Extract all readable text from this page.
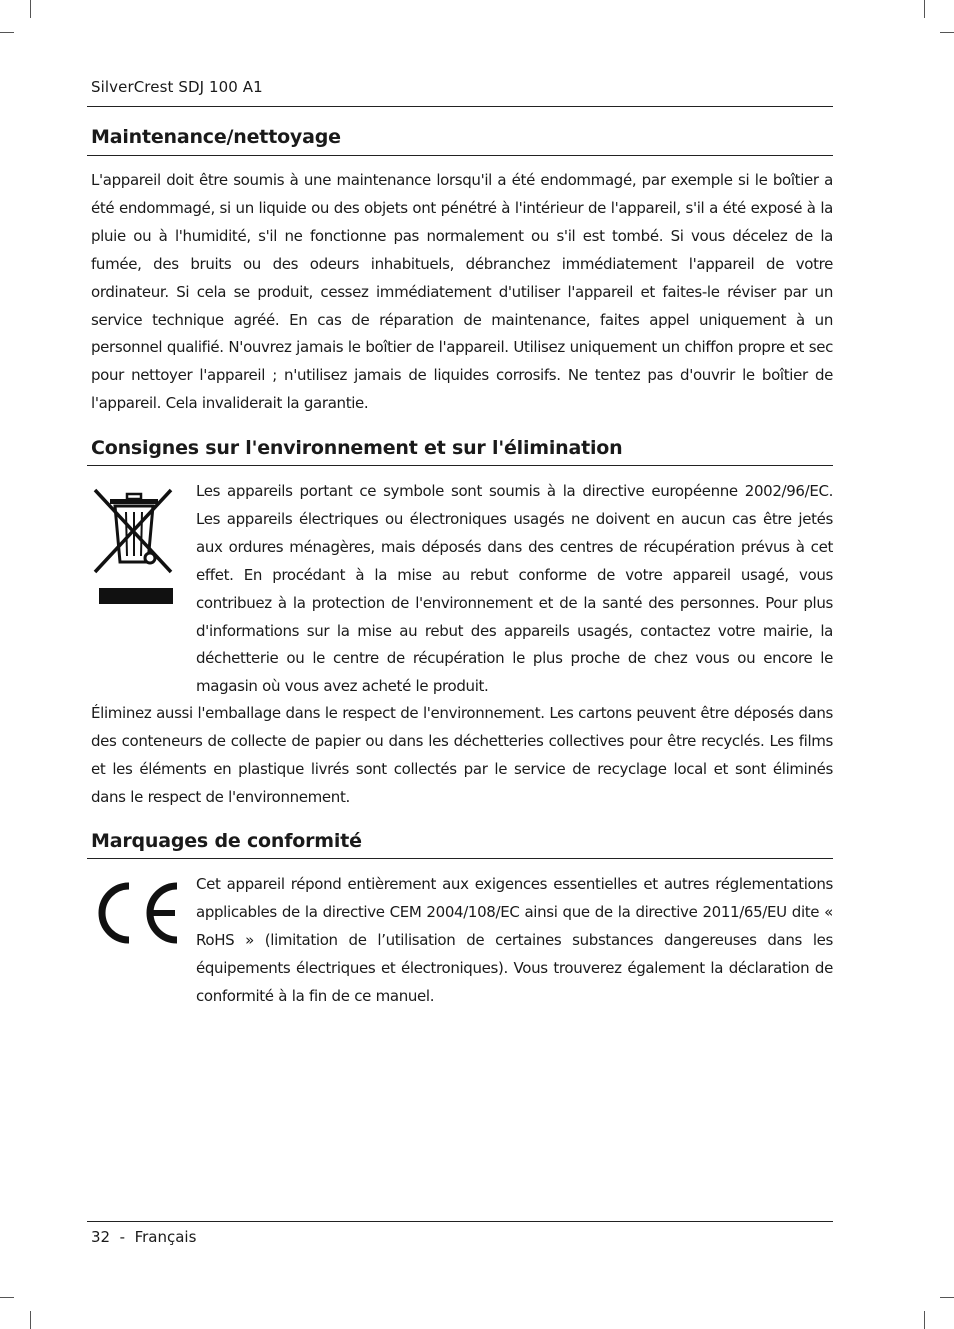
SilverCrest SDJ 100 A1
Maintenance/nettoyage
L'appareil doit être soumis à une maintenance lorsqu'il a été endommagé, par exemple si le boîtier a été endommagé, si un liquide ou des objets ont pénétré à l'intérieur de l'appareil, s'il a été exposé à la pluie ou à l'humidité, s'il ne fonctionne pas normalement ou s'il est tombé. Si vous décelez de la fumée, des bruits ou des odeurs inhabituels, débranchez immédiatement l'appareil de votre ordinateur. Si cela se produit, cessez immédiatement d'utiliser l'appareil et faites-le réviser par un service technique agréé. En cas de réparation de maintenance, faites appel uniquement à un personnel qualifié. N'ouvrez jamais le boîtier de l'appareil. Utilisez uniquement un chiffon propre et sec pour nettoyer l'appareil ; n'utilisez jamais de liquides corrosifs. Ne tentez pas d'ouvrir le boîtier de l'appareil. Cela invaliderait la garantie.
Consignes sur l'environnement et sur l'élimination
Les appareils portant ce symbole sont soumis à la directive européenne 2002/96/EC. Les appareils électriques ou électroniques usagés ne doivent en aucun cas être jetés aux ordures ménagères, mais déposés dans des centres de récupération prévus à cet effet. En procédant à la mise au rebut conforme de votre appareil usagé, vous contribuez à la protection de l'environnement et de la santé des personnes. Pour plus d'informations sur la mise au rebut des appareils usagés, contactez votre mairie, la déchetterie ou le centre de récupération le plus proche de chez vous ou encore le magasin où vous avez acheté le produit.
Éliminez aussi l'emballage dans le respect de l'environnement. Les cartons peuvent être déposés dans des conteneurs de collecte de papier ou dans les déchetteries collectives pour être recyclés. Les films et les éléments en plastique livrés sont collectés par le service de recyclage local et sont éliminés dans le respect de l'environnement.
Marquages de conformité
Cet appareil répond entièrement aux exigences essentielles et autres réglementations applicables de la directive CEM 2004/108/EC ainsi que de la directive 2011/65/EU dite « RoHS » (limitation de l’utilisation de certaines substances dangereuses dans les équipements électriques et électroniques). Vous trouverez également la déclaration de conformité à la fin de ce manuel.
32  -  Français
